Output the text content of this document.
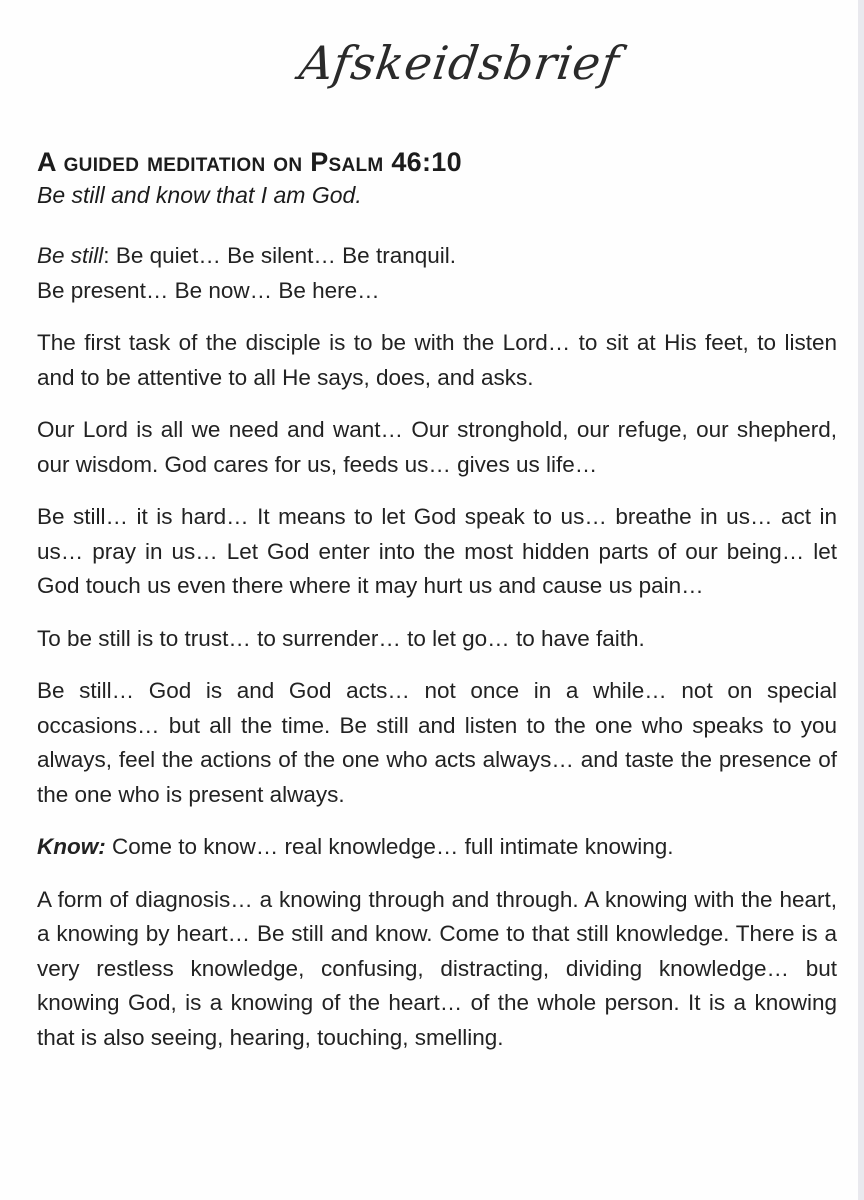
Afskeidsbrief
A guided meditation on Psalm 46:10
Be still and know that I am God.

Be still: Be quiet… Be silent… Be tranquil.
Be present… Be now… Be here…

The first task of the disciple is to be with the Lord… to sit at His feet, to listen and to be attentive to all He says, does, and asks.

Our Lord is all we need and want… Our stronghold, our refuge, our shepherd, our wisdom. God cares for us, feeds us… gives us life…

Be still… it is hard… It means to let God speak to us… breathe in us… act in us… pray in us… Let God enter into the most hidden parts of our being… let God touch us even there where it may hurt us and cause us pain…

To be still is to trust… to surrender… to let go… to have faith.

Be still… God is and God acts… not once in a while… not on special occasions… but all the time. Be still and listen to the one who speaks to you always, feel the actions of the one who acts always… and taste the presence of the one who is present always.

Know: Come to know… real knowledge… full intimate knowing.

A form of diagnosis… a knowing through and through. A knowing with the heart, a knowing by heart… Be still and know. Come to that still knowledge. There is a very restless knowledge, confusing, distracting, dividing knowledge… but knowing God, is a knowing of the heart… of the whole person. It is a knowing that is also seeing, hearing, touching, smelling.
